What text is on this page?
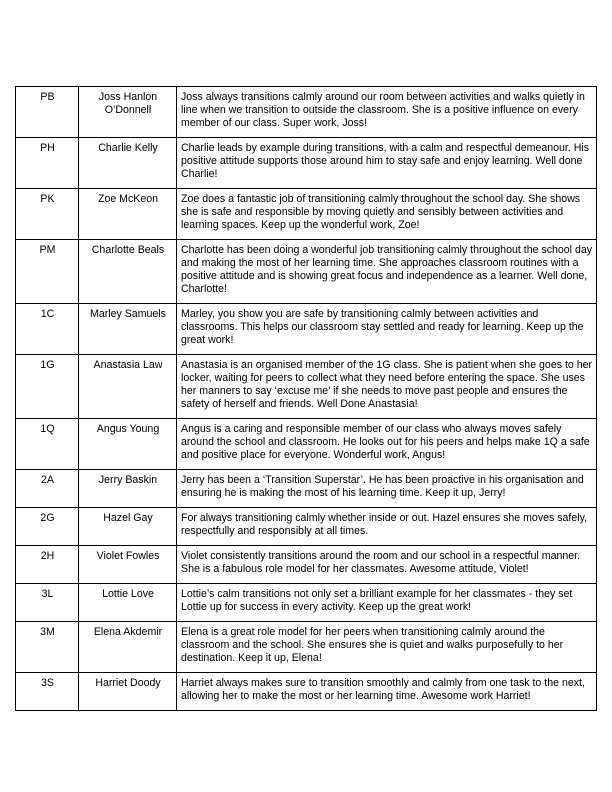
PB	Joss Hanlon O’Donnell	Joss always transitions calmly around our room between activities and walks quietly in line when we transition to outside the classroom. She is a positive influence on every member of our class. Super work, Joss!
PH	Charlie Kelly	Charlie leads by example during transitions, with a calm and respectful demeanour. His positive attitude supports those around him to stay safe and enjoy learning. Well done Charlie!
PK	Zoe McKeon	Zoe does a fantastic job of transitioning calmly throughout the school day. She shows she is safe and responsible by moving quietly and sensibly between activities and learning spaces. Keep up the wonderful work, Zoe!
PM	Charlotte Beals	Charlotte has been doing a wonderful job transitioning calmly throughout the school day and making the most of her learning time. She approaches classroom routines with a positive attitude and is showing great focus and independence as a learner. Well done, Charlotte!
1C	Marley Samuels	Marley, you show you are safe by transitioning calmly between activities and classrooms. This helps our classroom stay settled and ready for learning. Keep up the great work!
1G	Anastasia Law	Anastasia is an organised member of the 1G class. She is patient when she goes to her locker, waiting for peers to collect what they need before entering the space. She uses her manners to say ‘excuse me’ if she needs to move past people and ensures the safety of herself and friends. Well Done Anastasia!
1Q	Angus Young	Angus is a caring and responsible member of our class who always moves safely around the school and classroom. He looks out for his peers and helps make 1Q a safe and positive place for everyone. Wonderful work, Angus!
2A	Jerry Baskin	Jerry has been a ‘Transition Superstar’. He has been proactive in his organisation and ensuring he is making the most of his learning time. Keep it up, Jerry!
2G	Hazel Gay	For always transitioning calmly whether inside or out. Hazel ensures she moves safely, respectfully and responsibly at all times.
2H	Violet Fowles	Violet consistently transitions around the room and our school in a respectful manner. She is a fabulous role model for her classmates. Awesome attitude, Violet!
3L	Lottie Love	Lottie’s calm transitions not only set a brilliant example for her classmates - they set Lottie up for success in every activity. Keep up the great work!
3M	Elena Akdemir	Elena is a great role model for her peers when transitioning calmly around the classroom and the school. She ensures she is quiet and walks purposefully to her destination. Keep it up, Elena!
3S	Harriet Doody	Harriet always makes sure to transition smoothly and calmly from one task to the next, allowing her to make the most or her learning time. Awesome work Harriet!
